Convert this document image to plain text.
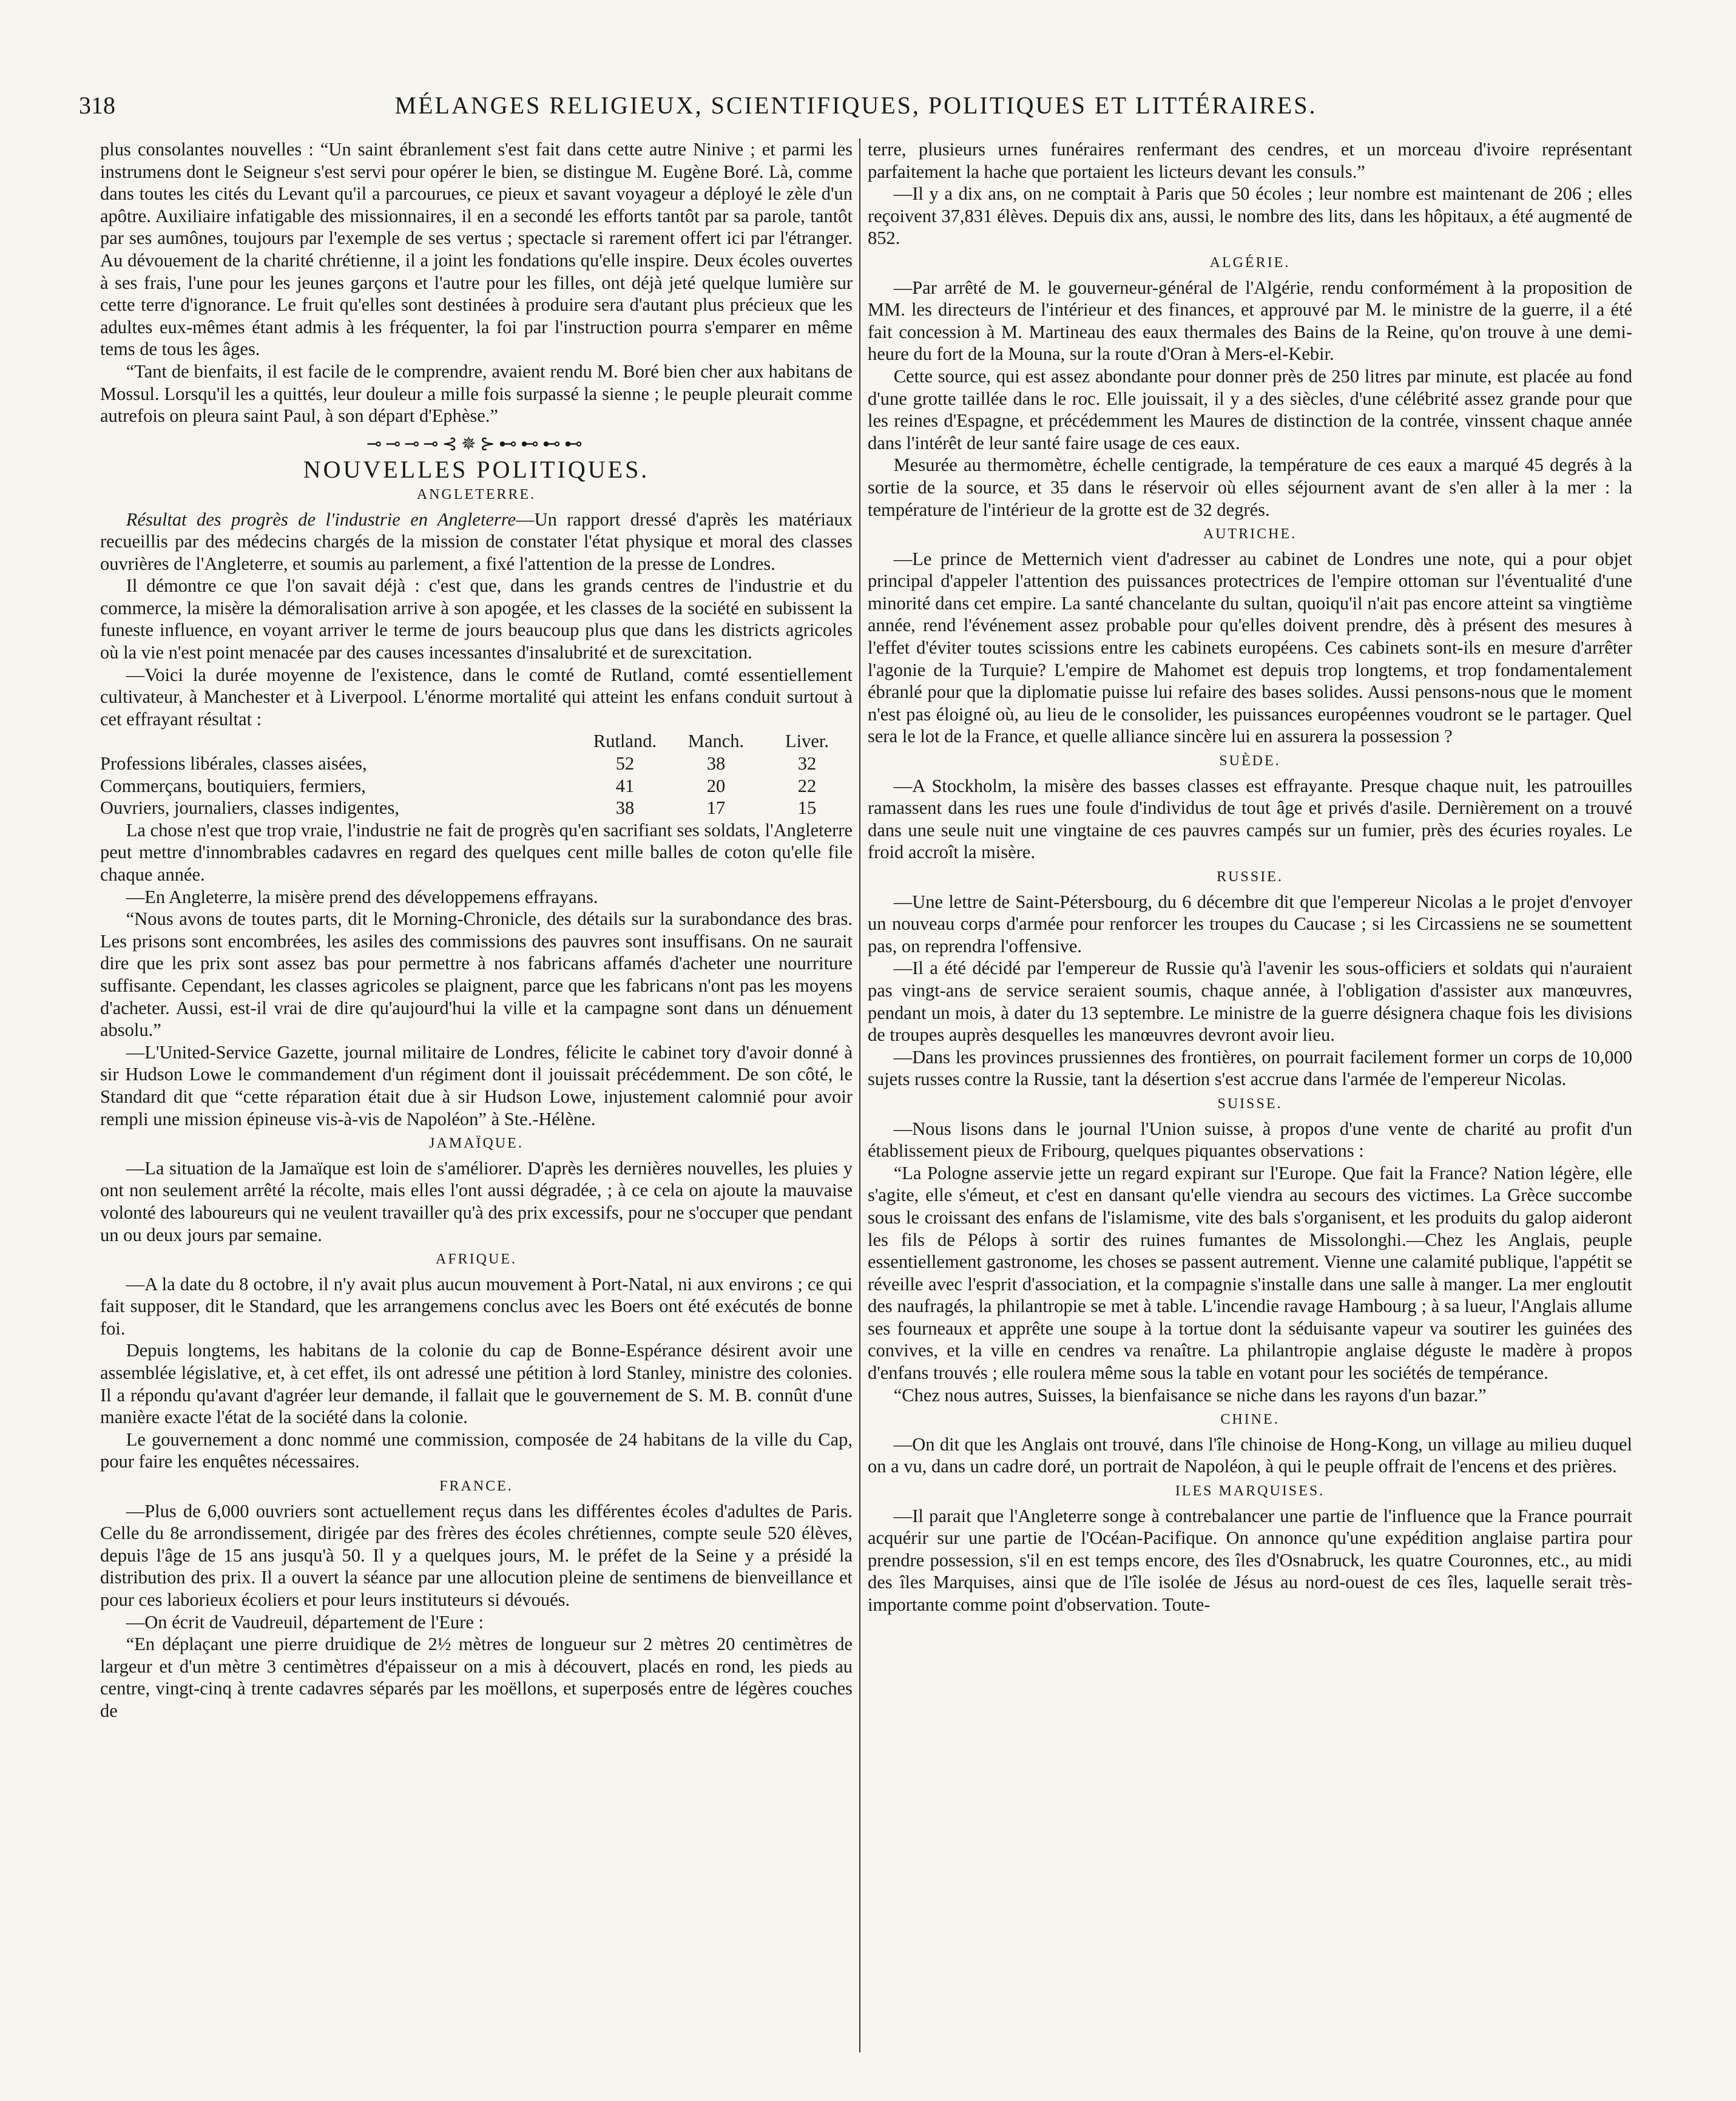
318	MÉLANGES RELIGIEUX, SCIENTIFIQUES, POLITIQUES ET LITTÉRAIRES.

plus consolantes nouvelles : “Un saint ébranlement s'est fait dans cette autre Ninive ; et parmi les instrumens dont le Seigneur s'est servi pour opérer le bien, se distingue M. Eugène Boré. Là, comme dans toutes les cités du Levant qu'il a parcourues, ce pieux et savant voyageur a déployé le zèle d'un apôtre. Auxiliaire infatigable des missionnaires, il en a secondé les efforts tantôt par sa parole, tantôt par ses aumônes, toujours par l'exemple de ses vertus ; spectacle si rarement offert ici par l'étranger. Au dévouement de la charité chrétienne, il a joint les fondations qu'elle inspire. Deux écoles ouvertes à ses frais, l'une pour les jeunes garçons et l'autre pour les filles, ont déjà jeté quelque lumière sur cette terre d'ignorance. Le fruit qu'elles sont destinées à produire sera d'autant plus précieux que les adultes eux-mêmes étant admis à les fréquenter, la foi par l'instruction pourra s'emparer en même tems de tous les âges.

“Tant de bienfaits, il est facile de le comprendre, avaient rendu M. Boré bien cher aux habitans de Mossul. Lorsqu'il les a quittés, leur douleur a mille fois surpassé la sienne ; le peuple pleurait comme autrefois on pleura saint Paul, à son départ d'Ephèse.”

⊸⊸⊸⊸⊰✵⊱⊷⊷⊷⊷
NOUVELLES POLITIQUES.
ANGLETERRE.

Résultat des progrès de l'industrie en Angleterre—Un rapport dressé d'après les matériaux recueillis par des médecins chargés de la mission de constater l'état physique et moral des classes ouvrières de l'Angleterre, et soumis au parlement, a fixé l'attention de la presse de Londres.

Il démontre ce que l'on savait déjà : c'est que, dans les grands centres de l'industrie et du commerce, la misère la démoralisation arrive à son apogée, et les classes de la société en subissent la funeste influence, en voyant arriver le terme de jours beaucoup plus que dans les districts agricoles où la vie n'est point menacée par des causes incessantes d'insalubrité et de surexcitation.

—Voici la durée moyenne de l'existence, dans le comté de Rutland, comté essentiellement cultivateur, à Manchester et à Liverpool. L'énorme mortalité qui atteint les enfans conduit surtout à cet effrayant résultat :

	Rutland.	Manch.	Liver.
Professions libérales, classes aisées,	52	38	32
Commerçans, boutiquiers, fermiers,	41	20	22
Ouvriers, journaliers, classes indigentes,	38	17	15

La chose n'est que trop vraie, l'industrie ne fait de progrès qu'en sacrifiant ses soldats, l'Angleterre peut mettre d'innombrables cadavres en regard des quelques cent mille balles de coton qu'elle file chaque année.

—En Angleterre, la misère prend des développemens effrayans.

“Nous avons de toutes parts, dit le Morning-Chronicle, des détails sur la surabondance des bras. Les prisons sont encombrées, les asiles des commissions des pauvres sont insuffisans. On ne saurait dire que les prix sont assez bas pour permettre à nos fabricans affamés d'acheter une nourriture suffisante. Cependant, les classes agricoles se plaignent, parce que les fabricans n'ont pas les moyens d'acheter. Aussi, est-il vrai de dire qu'aujourd'hui la ville et la campagne sont dans un dénuement absolu.”

—L'United-Service Gazette, journal militaire de Londres, félicite le cabinet tory d'avoir donné à sir Hudson Lowe le commandement d'un régiment dont il jouissait précédemment. De son côté, le Standard dit que “cette réparation était due à sir Hudson Lowe, injustement calomnié pour avoir rempli une mission épineuse vis-à-vis de Napoléon” à Ste.-Hélène.

JAMAÏQUE.

—La situation de la Jamaïque est loin de s'améliorer. D'après les dernières nouvelles, les pluies y ont non seulement arrêté la récolte, mais elles l'ont aussi dégradée, ; à ce cela on ajoute la mauvaise volonté des laboureurs qui ne veulent travailler qu'à des prix excessifs, pour ne s'occuper que pendant un ou deux jours par semaine.

AFRIQUE.

—A la date du 8 octobre, il n'y avait plus aucun mouvement à Port-Natal, ni aux environs ; ce qui fait supposer, dit le Standard, que les arrangemens conclus avec les Boers ont été exécutés de bonne foi.

Depuis longtems, les habitans de la colonie du cap de Bonne-Espérance désirent avoir une assemblée législative, et, à cet effet, ils ont adressé une pétition à lord Stanley, ministre des colonies. Il a répondu qu'avant d'agréer leur demande, il fallait que le gouvernement de S. M. B. connût d'une manière exacte l'état de la société dans la colonie.

Le gouvernement a donc nommé une commission, composée de 24 habitans de la ville du Cap, pour faire les enquêtes nécessaires.

FRANCE.

—Plus de 6,000 ouvriers sont actuellement reçus dans les différentes écoles d'adultes de Paris. Celle du 8e arrondissement, dirigée par des frères des écoles chrétiennes, compte seule 520 élèves, depuis l'âge de 15 ans jusqu'à 50. Il y a quelques jours, M. le préfet de la Seine y a présidé la distribution des prix. Il a ouvert la séance par une allocution pleine de sentimens de bienveillance et pour ces laborieux écoliers et pour leurs instituteurs si dévoués.

—On écrit de Vaudreuil, département de l'Eure :

“En déplaçant une pierre druidique de 2½ mètres de longueur sur 2 mètres 20 centimètres de largeur et d'un mètre 3 centimètres d'épaisseur on a mis à découvert, placés en rond, les pieds au centre, vingt-cinq à trente cadavres séparés par les moëllons, et superposés entre de légères couches de

terre, plusieurs urnes funéraires renfermant des cendres, et un morceau d'ivoire représentant parfaitement la hache que portaient les licteurs devant les consuls.”

—Il y a dix ans, on ne comptait à Paris que 50 écoles ; leur nombre est maintenant de 206 ; elles reçoivent 37,831 élèves. Depuis dix ans, aussi, le nombre des lits, dans les hôpitaux, a été augmenté de 852.

ALGÉRIE.

—Par arrêté de M. le gouverneur-général de l'Algérie, rendu conformément à la proposition de MM. les directeurs de l'intérieur et des finances, et approuvé par M. le ministre de la guerre, il a été fait concession à M. Martineau des eaux thermales des Bains de la Reine, qu'on trouve à une demi-heure du fort de la Mouna, sur la route d'Oran à Mers-el-Kebir.

Cette source, qui est assez abondante pour donner près de 250 litres par minute, est placée au fond d'une grotte taillée dans le roc. Elle jouissait, il y a des siècles, d'une célébrité assez grande pour que les reines d'Espagne, et précédemment les Maures de distinction de la contrée, vinssent chaque année dans l'intérêt de leur santé faire usage de ces eaux.

Mesurée au thermomètre, échelle centigrade, la température de ces eaux a marqué 45 degrés à la sortie de la source, et 35 dans le réservoir où elles séjournent avant de s'en aller à la mer : la température de l'intérieur de la grotte est de 32 degrés.

AUTRICHE.

—Le prince de Metternich vient d'adresser au cabinet de Londres une note, qui a pour objet principal d'appeler l'attention des puissances protectrices de l'empire ottoman sur l'éventualité d'une minorité dans cet empire. La santé chancelante du sultan, quoiqu'il n'ait pas encore atteint sa vingtième année, rend l'événement assez probable pour qu'elles doivent prendre, dès à présent des mesures à l'effet d'éviter toutes scissions entre les cabinets européens. Ces cabinets sont-ils en mesure d'arrêter l'agonie de la Turquie? L'empire de Mahomet est depuis trop longtems, et trop fondamentalement ébranlé pour que la diplomatie puisse lui refaire des bases solides. Aussi pensons-nous que le moment n'est pas éloigné où, au lieu de le consolider, les puissances européennes voudront se le partager. Quel sera le lot de la France, et quelle alliance sincère lui en assurera la possession ?

SUÈDE.

—A Stockholm, la misère des basses classes est effrayante. Presque chaque nuit, les patrouilles ramassent dans les rues une foule d'individus de tout âge et privés d'asile. Dernièrement on a trouvé dans une seule nuit une vingtaine de ces pauvres campés sur un fumier, près des écuries royales. Le froid accroît la misère.

RUSSIE.

—Une lettre de Saint-Pétersbourg, du 6 décembre dit que l'empereur Nicolas a le projet d'envoyer un nouveau corps d'armée pour renforcer les troupes du Caucase ; si les Circassiens ne se soumettent pas, on reprendra l'offensive.

—Il a été décidé par l'empereur de Russie qu'à l'avenir les sous-officiers et soldats qui n'auraient pas vingt-ans de service seraient soumis, chaque année, à l'obligation d'assister aux manœuvres, pendant un mois, à dater du 13 septembre. Le ministre de la guerre désignera chaque fois les divisions de troupes auprès desquelles les manœuvres devront avoir lieu.

—Dans les provinces prussiennes des frontières, on pourrait facilement former un corps de 10,000 sujets russes contre la Russie, tant la désertion s'est accrue dans l'armée de l'empereur Nicolas.

SUISSE.

—Nous lisons dans le journal l'Union suisse, à propos d'une vente de charité au profit d'un établissement pieux de Fribourg, quelques piquantes observations :

“La Pologne asservie jette un regard expirant sur l'Europe. Que fait la France? Nation légère, elle s'agite, elle s'émeut, et c'est en dansant qu'elle viendra au secours des victimes. La Grèce succombe sous le croissant des enfans de l'islamisme, vite des bals s'organisent, et les produits du galop aideront les fils de Pélops à sortir des ruines fumantes de Missolonghi.—Chez les Anglais, peuple essentiellement gastronome, les choses se passent autrement. Vienne une calamité publique, l'appétit se réveille avec l'esprit d'association, et la compagnie s'installe dans une salle à manger. La mer engloutit des naufragés, la philantropie se met à table. L'incendie ravage Hambourg ; à sa lueur, l'Anglais allume ses fourneaux et apprête une soupe à la tortue dont la séduisante vapeur va soutirer les guinées des convives, et la ville en cendres va renaître. La philantropie anglaise déguste le madère à propos d'enfans trouvés ; elle roulera même sous la table en votant pour les sociétés de tempérance.

“Chez nous autres, Suisses, la bienfaisance se niche dans les rayons d'un bazar.”

CHINE.

—On dit que les Anglais ont trouvé, dans l'île chinoise de Hong-Kong, un village au milieu duquel on a vu, dans un cadre doré, un portrait de Napoléon, à qui le peuple offrait de l'encens et des prières.

ILES MARQUISES.

—Il parait que l'Angleterre songe à contrebalancer une partie de l'influence que la France pourrait acquérir sur une partie de l'Océan-Pacifique. On annonce qu'une expédition anglaise partira pour prendre possession, s'il en est temps encore, des îles d'Osnabruck, les quatre Couronnes, etc., au midi des îles Marquises, ainsi que de l'île isolée de Jésus au nord-ouest de ces îles, laquelle serait très-importante comme point d'observation. Toute-
